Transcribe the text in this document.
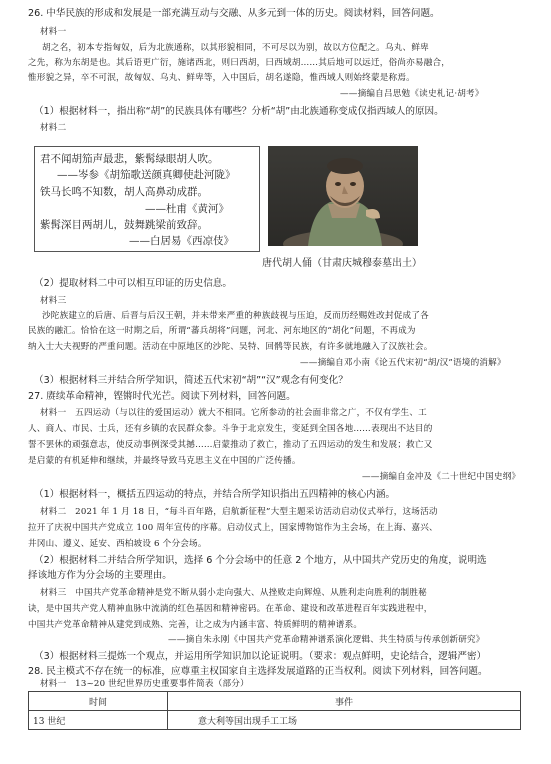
26. 中华民族的形成和发展是一部充满互动与交融、从多元到一体的历史。阅读材料，回答问题。
材料一
胡之名，初本专指匈奴，后为北族通称，以其形貌相同，不可尽以为别，故以方位配之。乌丸、鲜卑
之先，称为东胡是也。其后语更广衍，施诸西北，则曰西胡，曰西域胡……其后地可以远迁，俗尚亦易融合，
惟形貌之异，卒不可泯，故匈奴、乌丸、鲜卑等，入中国后，胡名遂隐，惟西域人则始终蒙是称焉。
——摘编自吕思勉《读史札记·胡考》
（1）根据材料一，指出称“胡”的民族具体有哪些？分析“胡”由北族通称变成仅指西域人的原因。
材料二
君不闻胡笳声最悲，紫髯绿眼胡人吹。
——岑参《胡笳歌送颜真卿使赴河陇》
铁马长鸣不知数，胡人高鼻动成群。
——杜甫《黄河》
紫髯深目两胡儿，鼓舞跳梁前致辞。
——白居易《西凉伎》
唐代胡人俑（甘肃庆城穆泰墓出土）
（2）提取材料二中可以相互印证的历史信息。
材料三
沙陀族建立的后唐、后晋与后汉王朝，并未带来严重的种族歧视与压迫，反而历经赐姓改封促成了各
民族的融汇。恰恰在这一时期之后，所谓“蕃兵胡将”问题，河北、河东地区的“胡化”问题，不再成为
纳入士大夫视野的严重问题。活动在中原地区的沙陀、吴特、回鹘等民族，有许多就地融入了汉族社会。
——摘编自邓小南《论五代宋初“胡/汉”语境的消解》
（3）根据材料三并结合所学知识，简述五代宋初“胡”“汉”观念有何变化？
27. 赓续革命精神，铿锵时代光芒。阅读下列材料，回答问题。
材料一　五四运动（与以往的爱国运动）就大不相同。它所参动的社会面非常之广，不仅有学生、工
人、商人、市民、士兵，还有乡镇的农民群众参。斗争于北京发生，变延到全国各地……表现出不达目的
誓不罢休的顽强意志，使反动事例深受其撼……启蒙推动了救亡，推动了五四运动的发生和发展；救亡又
是启蒙的有机延伸和继续，并最终导致马克思主义在中国的广泛传播。
——摘编自金冲及《二十世纪中国史纲》
（1）根据材料一，概括五四运动的特点，并结合所学知识指出五四精神的核心内涵。
材料二　2021 年 1 月 18 日，“每斗百年路，启航新征程”大型主题采访活动启动仪式举行，这场活动
拉开了庆祝中国共产党成立 100 周年宣传的序幕。启动仪式上，国家博物馆作为主会场，在上海、嘉兴、
井冈山、遵义、延安、西柏坡设 6 个分会场。
（2）根据材料二并结合所学知识，选择 6 个分会场中的任意 2 个地方，从中国共产党历史的角度，说明选
择该地方作为分会场的主要理由。
材料三　中国共产党革命精神是党不断从弱小走向强大、从挫败走向辉煌、从胜利走向胜利的制胜秘
诀，是中国共产党人精神血脉中流淌的红色基因和精神密码。在革命、建设和改革进程百年实践进程中，
中国共产党革命精神从建党到成熟、完善，让之成为内涵丰富、特质鲜明的精神谱系。
——摘自朱永刚《中国共产党革命精神谱系演化逻辑、共生特质与传承创新研究》
（3）根据材料三提炼一个观点，并运用所学知识加以论证说明。（要求：观点鲜明，史论结合，逻辑严密）
28. 民主模式不存在统一的标准，应尊重主权国家自主选择发展道路的正当权利。阅读下列材料，回答问题。
材料一　13~20 世纪世界历史重要事件简表（部分）
时间	事件
13 世纪	意大利等国出现手工工场
